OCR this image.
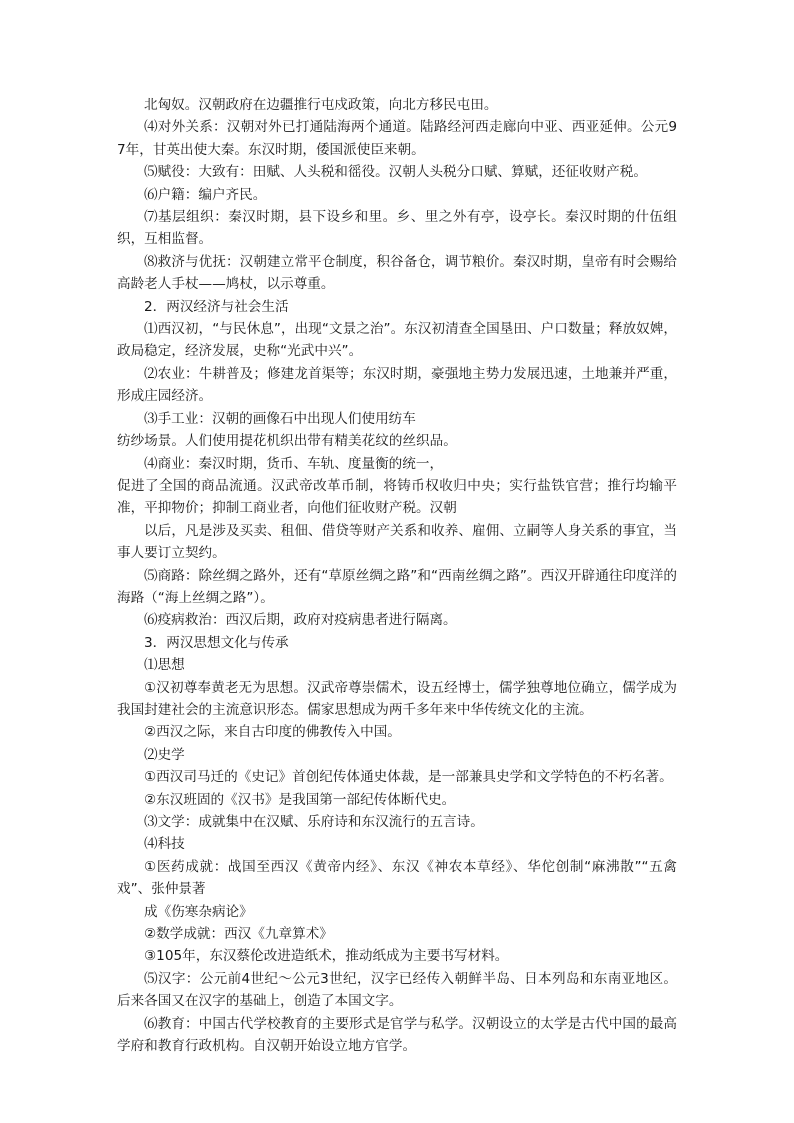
北匈奴。汉朝政府在边疆推行屯戍政策，向北方移民屯田。

⑷对外关系：汉朝对外已打通陆海两个通道。陆路经河西走廊向中亚、西亚延伸。公元97年，甘英出使大秦。东汉时期，倭国派使臣来朝。

⑸赋役：大致有：田赋、人头税和徭役。汉朝人头税分口赋、算赋，还征收财产税。

⑹户籍：编户齐民。

⑺基层组织：秦汉时期，县下设乡和里。乡、里之外有亭，设亭长。秦汉时期的什伍组织，互相监督。

⑻救济与优抚：汉朝建立常平仓制度，积谷备仓，调节粮价。秦汉时期，皇帝有时会赐给高龄老人手杖——鸠杖，以示尊重。

2．两汉经济与社会生活

⑴西汉初，“与民休息”，出现“文景之治”。东汉初清查全国垦田、户口数量；释放奴婢，政局稳定，经济发展，史称“光武中兴”。

⑵农业：牛耕普及；修建龙首渠等；东汉时期，豪强地主势力发展迅速，土地兼并严重，形成庄园经济。

⑶手工业：汉朝的画像石中出现人们使用纺车

纺纱场景。人们使用提花机织出带有精美花纹的丝织品。

⑷商业：秦汉时期，货币、车轨、度量衡的统一，

促进了全国的商品流通。汉武帝改革币制，将铸币权收归中央；实行盐铁官营；推行均输平准，平抑物价；抑制工商业者，向他们征收财产税。汉朝

以后，凡是涉及买卖、租佃、借贷等财产关系和收养、雇佣、立嗣等人身关系的事宜，当事人要订立契约。

⑸商路：除丝绸之路外，还有“草原丝绸之路”和“西南丝绸之路”。西汉开辟通往印度洋的海路（“海上丝绸之路”）。

⑹疫病救治：西汉后期，政府对疫病患者进行隔离。

3．两汉思想文化与传承

⑴思想

①汉初尊奉黄老无为思想。汉武帝尊崇儒术，设五经博士，儒学独尊地位确立，儒学成为我国封建社会的主流意识形态。儒家思想成为两千多年来中华传统文化的主流。

②西汉之际，来自古印度的佛教传入中国。

⑵史学

①西汉司马迁的《史记》首创纪传体通史体裁，是一部兼具史学和文学特色的不朽名著。

②东汉班固的《汉书》是我国第一部纪传体断代史。

⑶文学：成就集中在汉赋、乐府诗和东汉流行的五言诗。

⑷科技

①医药成就：战国至西汉《黄帝内经》、东汉《神农本草经》、华佗创制“麻沸散”“五禽戏”、张仲景著

成《伤寒杂病论》

②数学成就：西汉《九章算术》

③105年，东汉蔡伦改进造纸术，推动纸成为主要书写材料。

⑸汉字：公元前4世纪～公元3世纪，汉字已经传入朝鲜半岛、日本列岛和东南亚地区。后来各国又在汉字的基础上，创造了本国文字。

⑹教育：中国古代学校教育的主要形式是官学与私学。汉朝设立的太学是古代中国的最高学府和教育行政机构。自汉朝开始设立地方官学。
